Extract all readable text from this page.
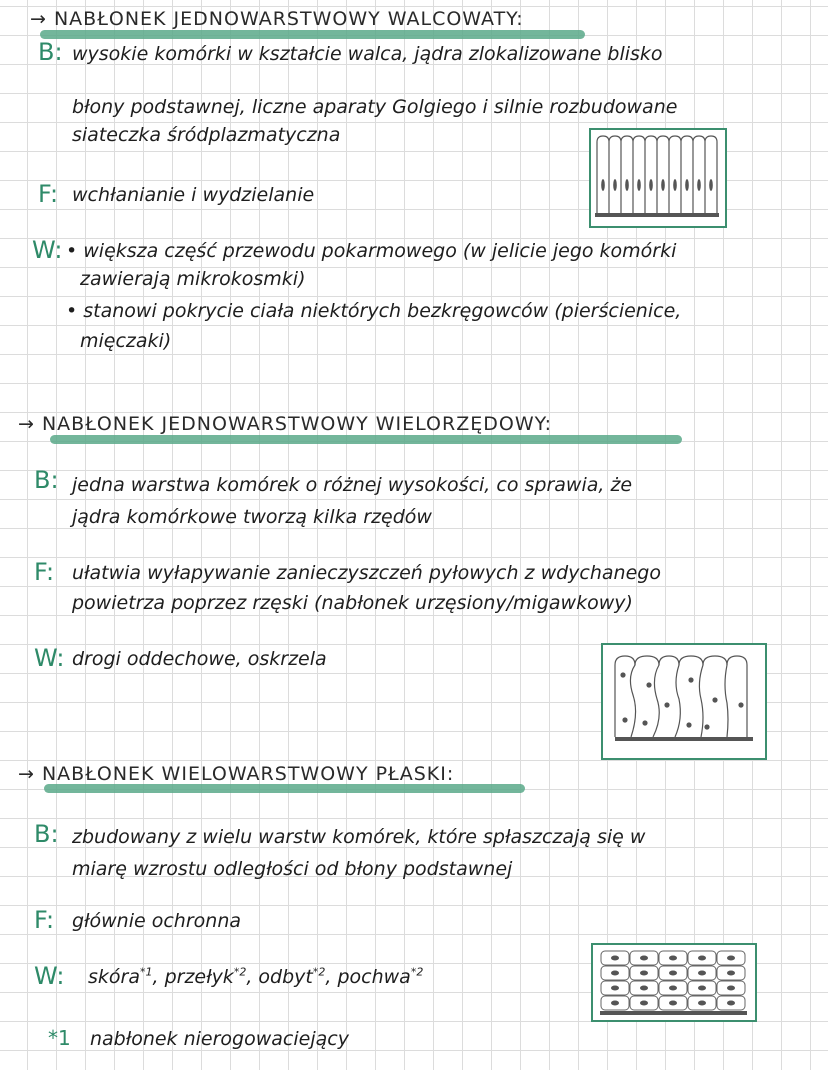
→ NABŁONEK JEDNOWARSTWOWY WALCOWATY:
B: wysokie komórki w kształcie walca, jądra zlokalizowane blisko
błony podstawnej, liczne aparaty Golgiego i silnie rozbudowane
siateczka śródplazmatyczna
F: wchłanianie i wydzielanie
W: • większa część przewodu pokarmowego (w jelicie jego komórki
zawierają mikrokosmki)
• stanowi pokrycie ciała niektórych bezkręgowców (pierścienice,
mięczaki)
→ NABŁONEK JEDNOWARSTWOWY WIELORZĘDOWY:
B: jedna warstwa komórek o różnej wysokości, co sprawia, że
jądra komórkowe tworzą kilka rzędów
F: ułatwia wyłapywanie zanieczyszczeń pyłowych z wdychanego
powietrza poprzez rzęski (nabłonek urzęsiony/migawkowy)
W: drogi oddechowe, oskrzela
→ NABŁONEK WIELOWARSTWOWY PŁASKI:
B: zbudowany z wielu warstw komórek, które spłaszczają się w
miarę wzrostu odległości od błony podstawnej
F: głównie ochronna
W: skóra$^{*1}$, przełyk$^{*2}$, odbyt$^{*2}$, pochwa$^{*2}$
*1 nabłonek nierogowaciejący
